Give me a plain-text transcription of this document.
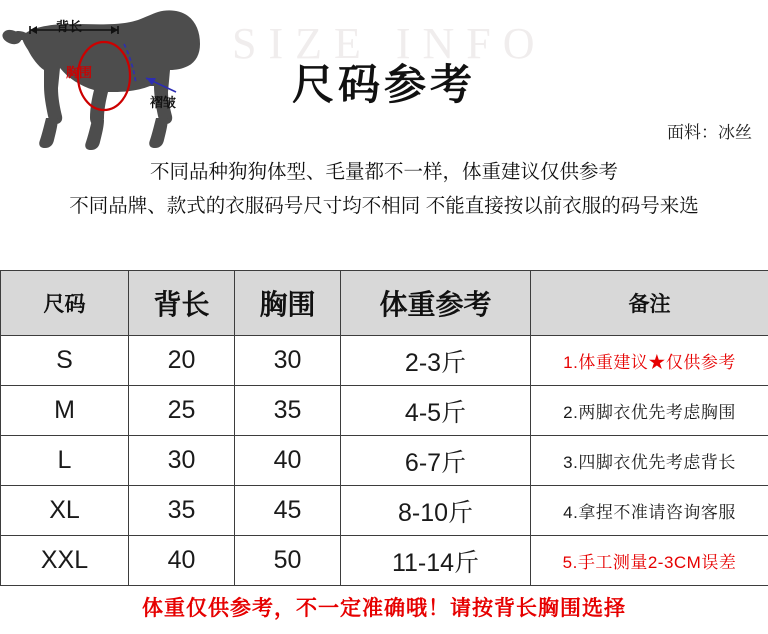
背长
胸围
褶皱
SIZE INFO
尺码参考
面料：冰丝
不同品种狗狗体型、毛量都不一样，体重建议仅供参考
不同品牌、款式的衣服码号尺寸均不相同 不能直接按以前衣服的码号来选
尺码	背长	胸围	体重参考	备注
S	20	30	2-3斤	1.体重建议★仅供参考
M	25	35	4-5斤	2.两脚衣优先考虑胸围
L	30	40	6-7斤	3.四脚衣优先考虑背长
XL	35	45	8-10斤	4.拿捏不准请咨询客服
XXL	40	50	11-14斤	5.手工测量2-3CM误差
体重仅供参考，不一定准确哦！请按背长胸围选择
